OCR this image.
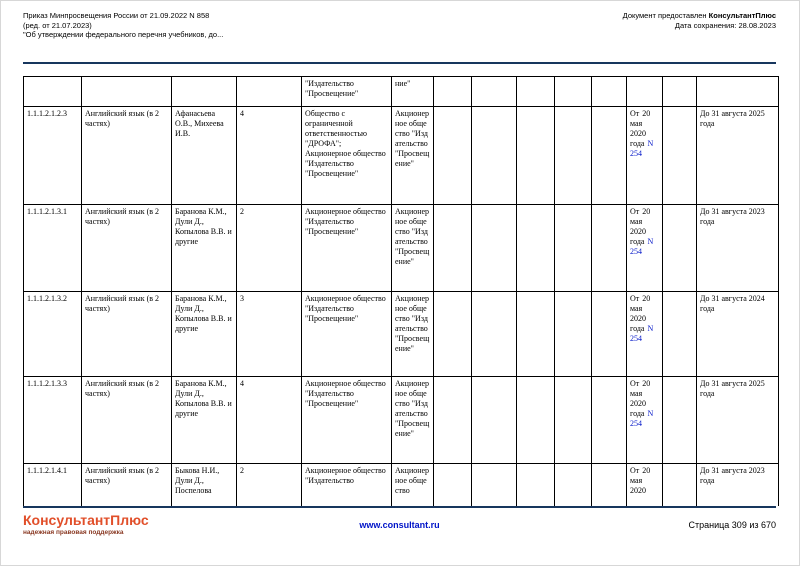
Приказ Минпросвещения России от 21.09.2022 N 858
(ред. от 21.07.2023)
"Об утверждении федерального перечня учебников, до...
Документ предоставлен КонсультантПлюс
Дата сохранения: 28.08.2023
				"Издательство "Просвещение"	ние"								
1.1.1.2.1.2.3	Английский язык (в 2 частях)	Афанасьева О.В., Михеева И.В.	4	Общество с ограниченной ответственностью "ДРОФА"; Акционерное общество "Издательство "Просвещение"	Акционерное общество "Издательство "Просвещение"						От 20 мая 2020 года N 254		До 31 августа 2025 года
1.1.1.2.1.3.1	Английский язык (в 2 частях)	Баранова К.М., Дули Д., Копылова В.В. и другие	2	Акционерное общество "Издательство "Просвещение"	Акционерное общество "Издательство "Просвещение"						От 20 мая 2020 года N 254		До 31 августа 2023 года
1.1.1.2.1.3.2	Английский язык (в 2 частях)	Баранова К.М., Дули Д., Копылова В.В. и другие	3	Акционерное общество "Издательство "Просвещение"	Акционерное общество "Издательство "Просвещение"						От 20 мая 2020 года N 254		До 31 августа 2024 года
1.1.1.2.1.3.3	Английский язык (в 2 частях)	Баранова К.М., Дули Д., Копылова В.В. и другие	4	Акционерное общество "Издательство "Просвещение"	Акционерное общество "Издательство "Просвещение"						От 20 мая 2020 года N 254		До 31 августа 2025 года
1.1.1.2.1.4.1	Английский язык (в 2 частях)	Быкова Н.И., Дули Д., Поспелова	2	Акционерное общество "Издательство	Акционерное общество						От 20 мая 2020		До 31 августа 2023 года
КонсультантПлюс
надежная правовая поддержка
www.consultant.ru	Страница 309 из 670
